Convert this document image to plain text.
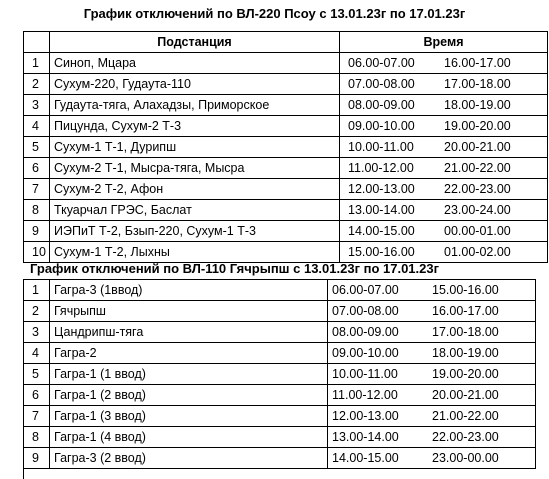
График отключений по ВЛ-220 Псоу с 13.01.23г по 17.01.23г
	Подстанция	Время
1	Синоп, Мцара	06.00-07.00 16.00-17.00

2	Сухум-220, Гудаута-110	07.00-08.00 17.00-18.00

3	Гудаута-тяга, Алахадзы, Приморское	08.00-09.00 18.00-19.00

4	Пицунда, Сухум-2 Т-3	09.00-10.00 19.00-20.00

5	Сухум-1 Т-1, Дурипш	10.00-11.00 20.00-21.00

6	Сухум-2 Т-1, Мысра-тяга, Мысра	11.00-12.00 21.00-22.00

7	Сухум-2 Т-2, Афон	12.00-13.00 22.00-23.00

8	Ткуарчал ГРЭС, Баслат	13.00-14.00 23.00-24.00

9	ИЭПиТ Т-2, Бзып-220, Сухум-1 Т-3	14.00-15.00 00.00-01.00

10	Сухум-1 Т-2, Лыхны	15.00-16.00 01.00-02.00
График отключений по ВЛ-110 Гячрыпш с 13.01.23г по 17.01.23г
1	Гагра-3 (1ввод)	06.00-07.00 15.00-16.00

2	Гячрыпш	07.00-08.00 16.00-17.00

3	Цандрипш-тяга	08.00-09.00 17.00-18.00

4	Гагра-2	09.00-10.00 18.00-19.00

5	Гагра-1 (1 ввод)	10.00-11.00 19.00-20.00

6	Гагра-1 (2 ввод)	11.00-12.00 20.00-21.00

7	Гагра-1 (3 ввод)	12.00-13.00 21.00-22.00

8	Гагра-1 (4 ввод)	13.00-14.00 22.00-23.00

9	Гагра-3 (2 ввод)	14.00-15.00 23.00-00.00
